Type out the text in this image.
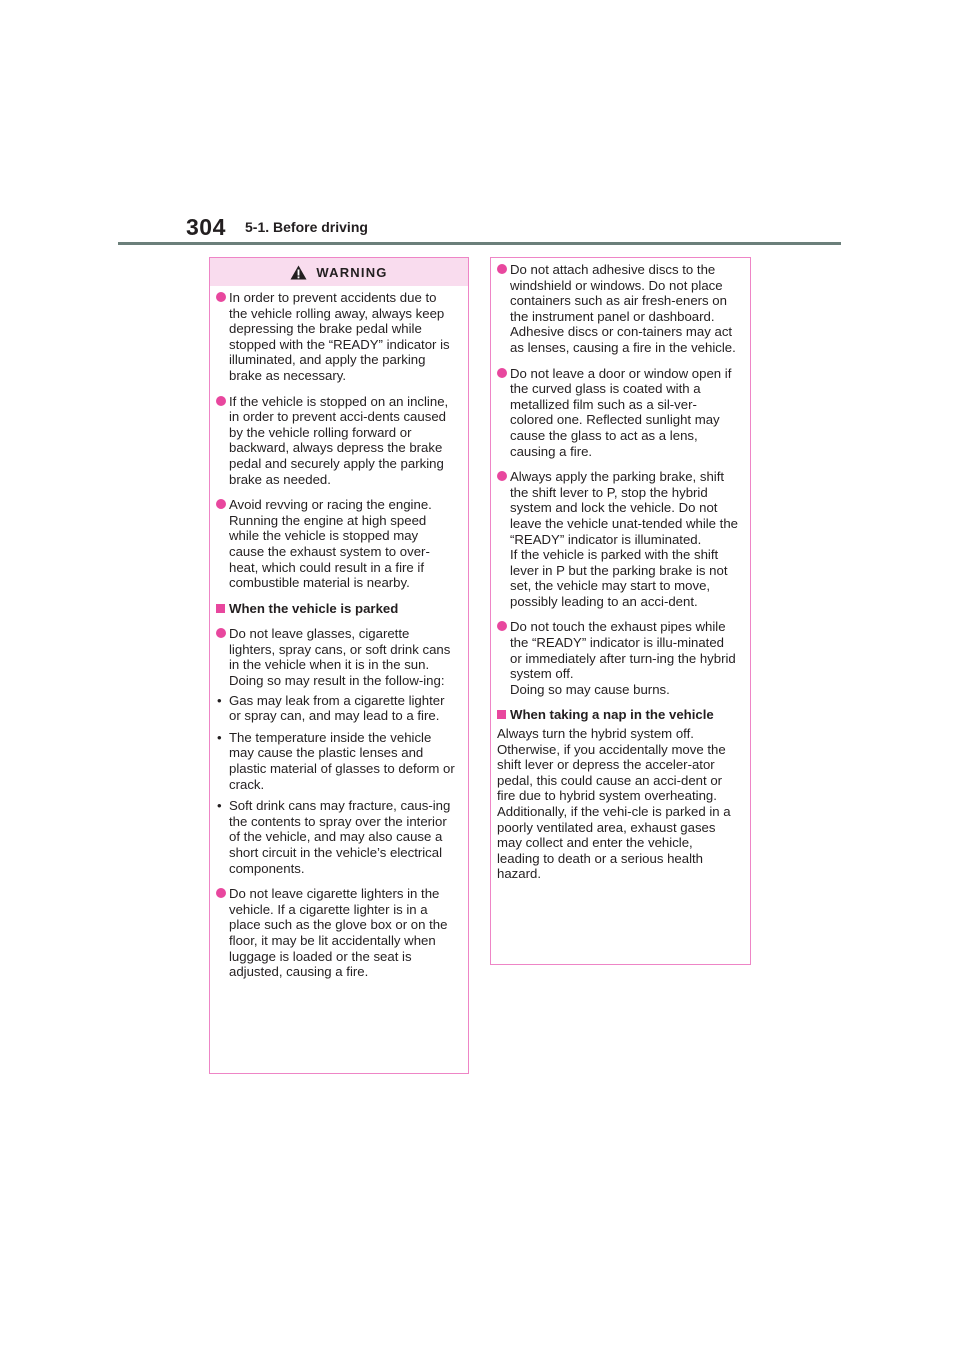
304 5-1. Before driving
WARNING

In order to prevent accidents due to the vehicle rolling away, always keep depressing the brake pedal while stopped with the “READY” indicator is illuminated, and apply the parking brake as necessary.

If the vehicle is stopped on an incline, in order to prevent acci-dents caused by the vehicle rolling forward or backward, always depress the brake pedal and securely apply the parking brake as needed.

Avoid revving or racing the engine. Running the engine at high speed while the vehicle is stopped may cause the exhaust system to over-heat, which could result in a fire if combustible material is nearby.

When the vehicle is parked

Do not leave glasses, cigarette lighters, spray cans, or soft drink cans in the vehicle when it is in the sun.

Doing so may result in the follow-ing:

• Gas may leak from a cigarette lighter or spray can, and may lead to a fire.
• The temperature inside the vehicle may cause the plastic lenses and plastic material of glasses to deform or crack.
• Soft drink cans may fracture, caus-ing the contents to spray over the interior of the vehicle, and may also cause a short circuit in the vehicle’s electrical components.

Do not leave cigarette lighters in the vehicle. If a cigarette lighter is in a place such as the glove box or on the floor, it may be lit accidentally when luggage is loaded or the seat is adjusted, causing a fire.

Do not attach adhesive discs to the windshield or windows. Do not place containers such as air fresh-eners on the instrument panel or dashboard. Adhesive discs or con-tainers may act as lenses, causing a fire in the vehicle.

Do not leave a door or window open if the curved glass is coated with a metallized film such as a sil-ver-colored one. Reflected sunlight may cause the glass to act as a lens, causing a fire.

Always apply the parking brake, shift the shift lever to P, stop the hybrid system and lock the vehicle. Do not leave the vehicle unat-tended while the “READY” indicator is illuminated.

If the vehicle is parked with the shift lever in P but the parking brake is not set, the vehicle may start to move, possibly leading to an acci-dent.

Do not touch the exhaust pipes while the “READY” indicator is illu-minated or immediately after turn-ing the hybrid system off.

Doing so may cause burns.

When taking a nap in the vehicle

Always turn the hybrid system off. Otherwise, if you accidentally move the shift lever or depress the acceler-ator pedal, this could cause an acci-dent or fire due to hybrid system overheating. Additionally, if the vehi-cle is parked in a poorly ventilated area, exhaust gases may collect and enter the vehicle, leading to death or a serious health hazard.
